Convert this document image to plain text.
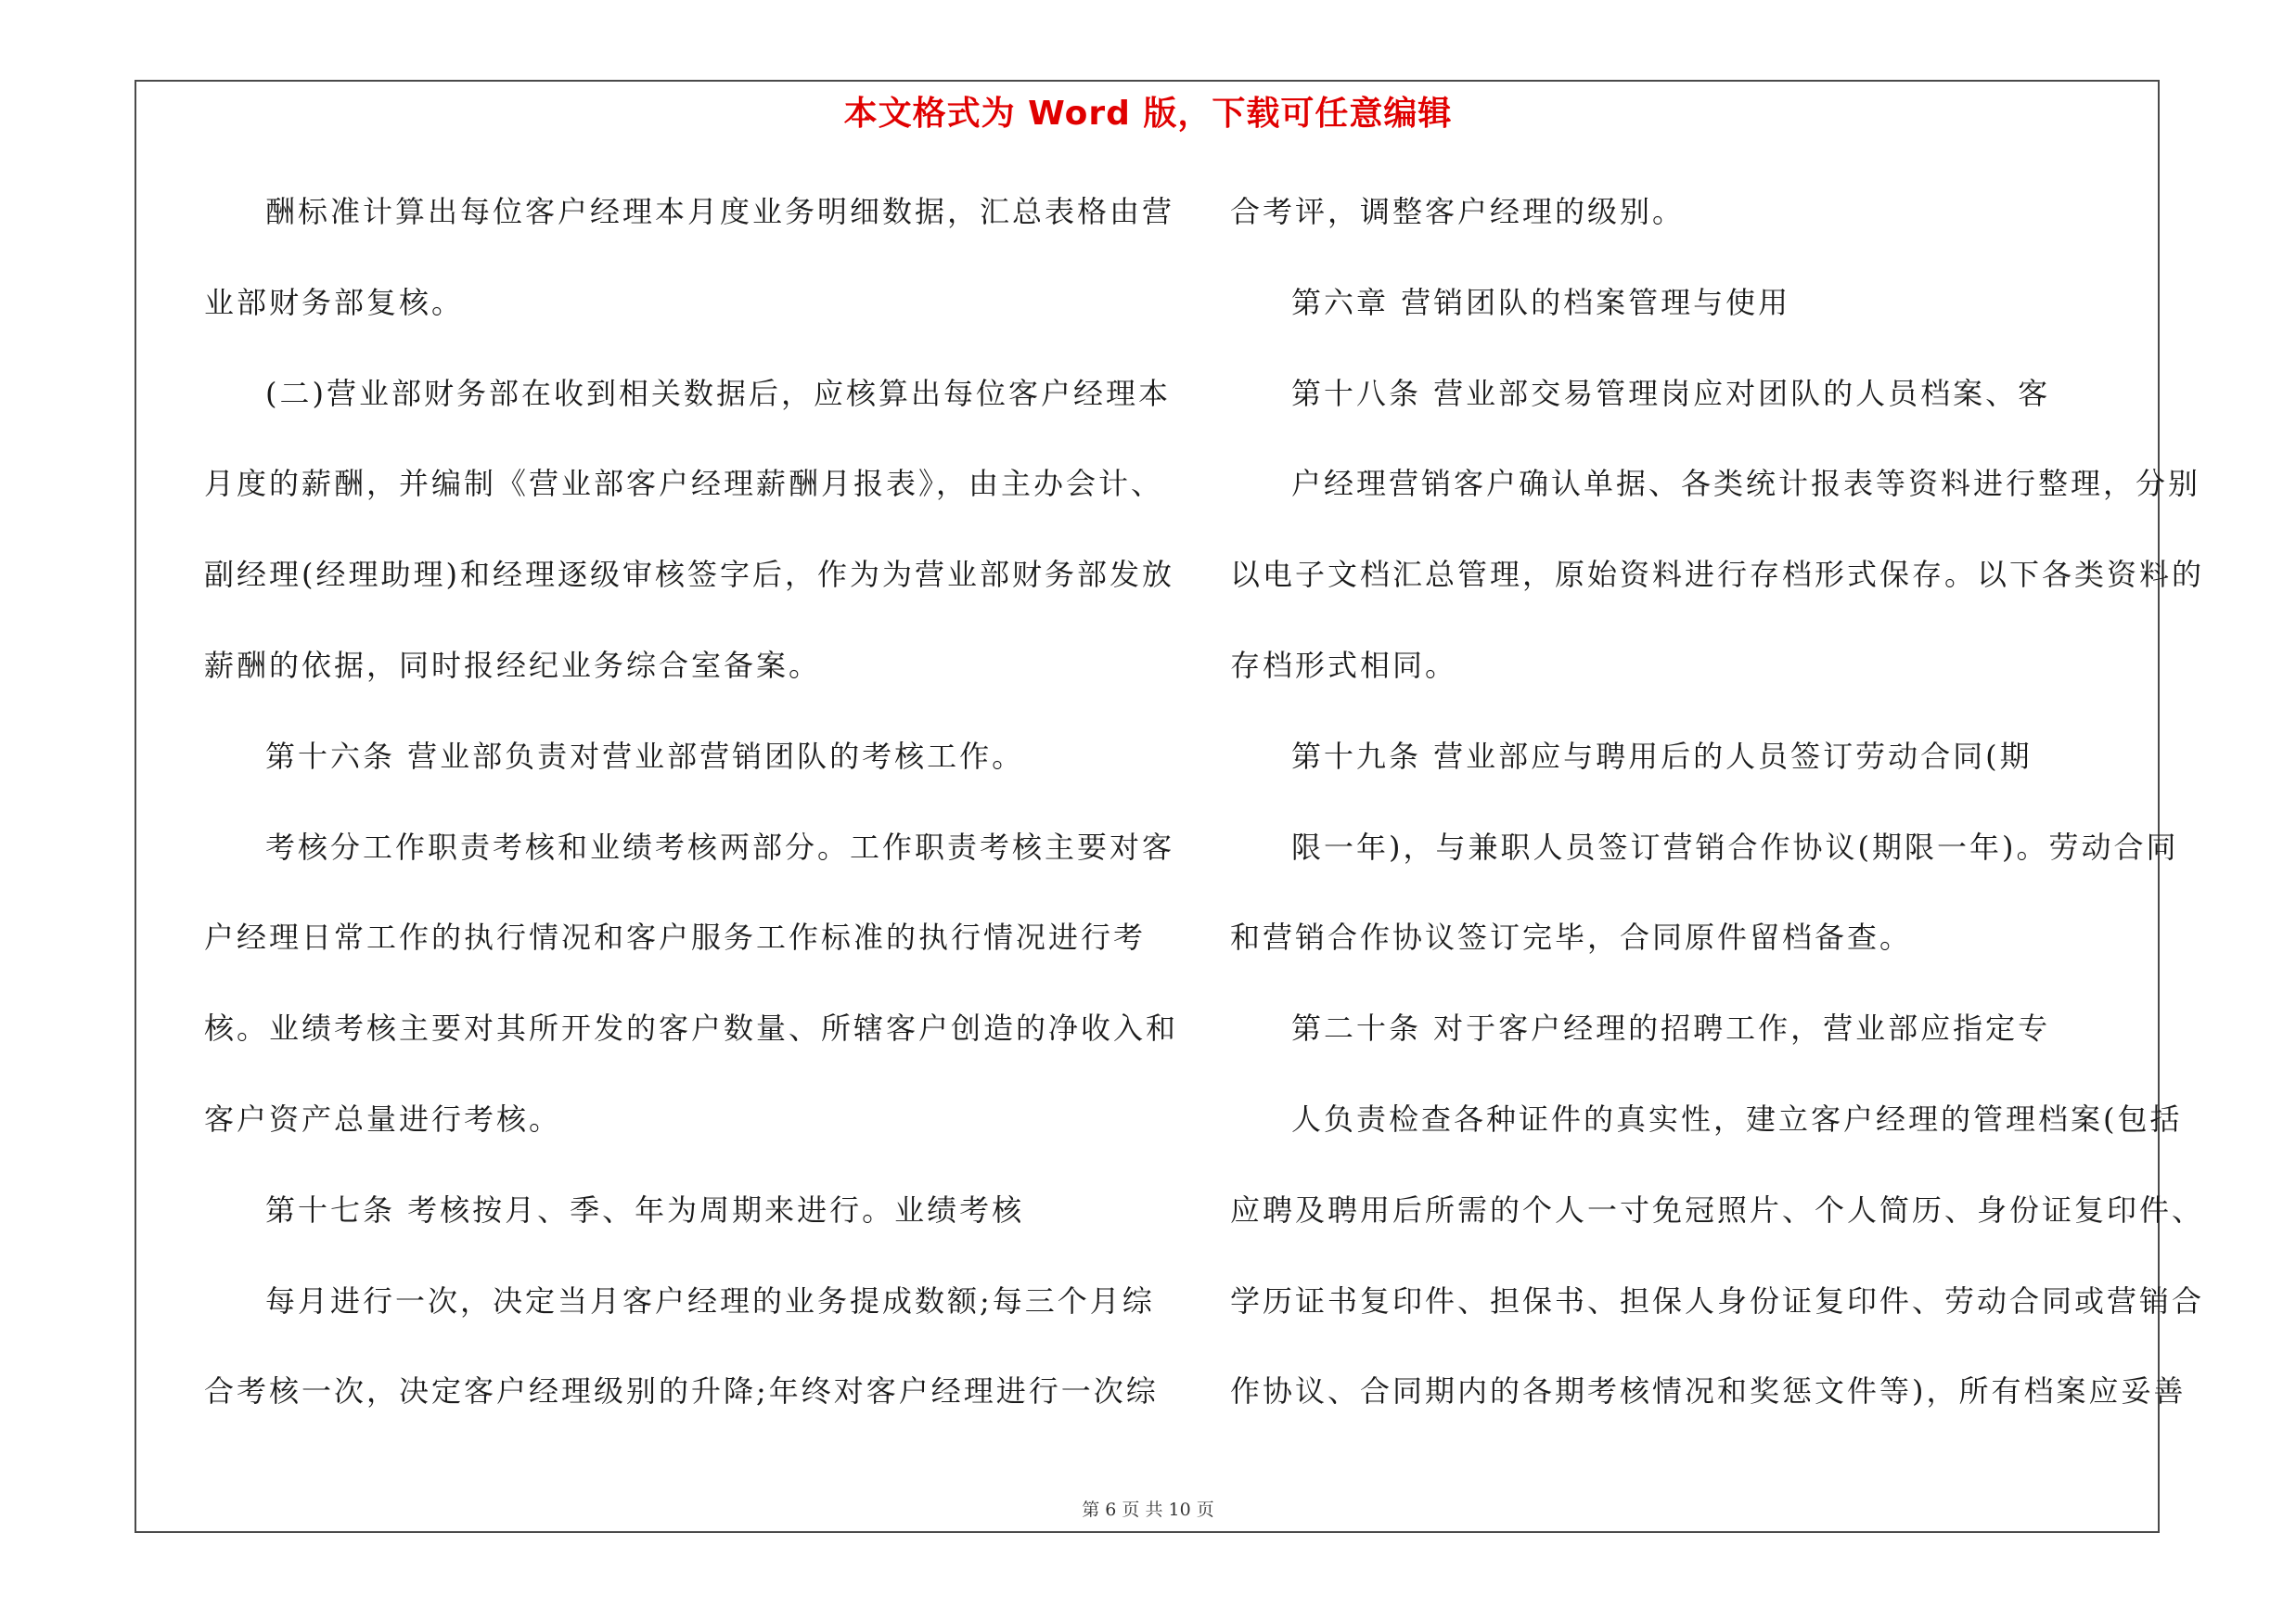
本文格式为 Word 版，下载可任意编辑
酬标准计算出每位客户经理本月度业务明细数据，汇总表格由营
业部财务部复核。
(二)营业部财务部在收到相关数据后，应核算出每位客户经理本
月度的薪酬，并编制《营业部客户经理薪酬月报表》，由主办会计、
副经理(经理助理)和经理逐级审核签字后，作为为营业部财务部发放
薪酬的依据，同时报经纪业务综合室备案。
第十六条 营业部负责对营业部营销团队的考核工作。
考核分工作职责考核和业绩考核两部分。工作职责考核主要对客
户经理日常工作的执行情况和客户服务工作标准的执行情况进行考
核。业绩考核主要对其所开发的客户数量、所辖客户创造的净收入和
客户资产总量进行考核。
第十七条 考核按月、季、年为周期来进行。业绩考核
每月进行一次，决定当月客户经理的业务提成数额;每三个月综
合考核一次，决定客户经理级别的升降;年终对客户经理进行一次综
合考评，调整客户经理的级别。
第六章 营销团队的档案管理与使用
第十八条 营业部交易管理岗应对团队的人员档案、客
户经理营销客户确认单据、各类统计报表等资料进行整理，分别
以电子文档汇总管理，原始资料进行存档形式保存。以下各类资料的
存档形式相同。
第十九条 营业部应与聘用后的人员签订劳动合同(期
限一年)，与兼职人员签订营销合作协议(期限一年)。劳动合同
和营销合作协议签订完毕，合同原件留档备查。
第二十条 对于客户经理的招聘工作，营业部应指定专
人负责检查各种证件的真实性，建立客户经理的管理档案(包括
应聘及聘用后所需的个人一寸免冠照片、个人简历、身份证复印件、
学历证书复印件、担保书、担保人身份证复印件、劳动合同或营销合
作协议、合同期内的各期考核情况和奖惩文件等)，所有档案应妥善
第 6 页 共 10 页
